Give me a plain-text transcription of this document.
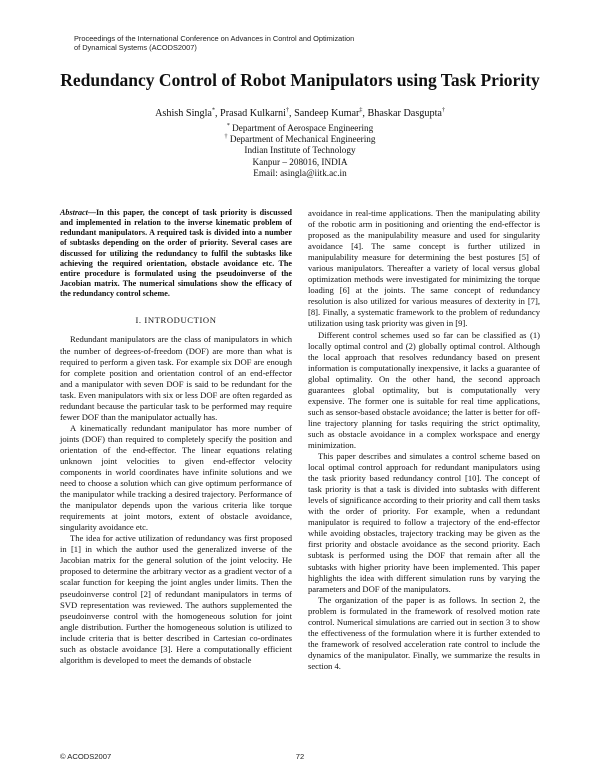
Proceedings of the International Conference on Advances in Control and Optimization
of Dynamical Systems (ACODS2007)
Redundancy Control of Robot Manipulators using Task Priority
Ashish Singla*, Prasad Kulkarni†, Sandeep Kumar‡, Bhaskar Dasgupta†
* Department of Aerospace Engineering
† Department of Mechanical Engineering
Indian Institute of Technology
Kanpur – 208016, INDIA
Email: asingla@iitk.ac.in

Abstract—In this paper, the concept of task priority is discussed and implemented in relation to the inverse kinematic problem of redundant manipulators. A required task is divided into a number of subtasks depending on the order of priority. Several cases are discussed for utilizing the redundancy to fulfil the subtasks like achieving the required orientation, obstacle avoidance etc. The entire procedure is formulated using the pseudoinverse of the Jacobian matrix. The numerical simulations show the efficacy of the redundancy control scheme.

I. INTRODUCTION

Redundant manipulators are the class of manipulators in which the number of degrees-of-freedom (DOF) are more than what is required to perform a given task. For example six DOF are enough for complete position and orientation control of an end-effector and a manipulator with seven DOF is said to be redundant for the task. Even manipulators with six or less DOF are often regarded as redundant because the particular task to be performed may require fewer DOF than the manipulator actually has.

A kinematically redundant manipulator has more number of joints (DOF) than required to completely specify the position and orientation of the end-effector. The linear equations relating unknown joint velocities to given end-effector velocity components in world coordinates have infinite solutions and we need to choose a solution which can give optimum performance of the manipulator while tracking a desired trajectory. Performance of the manipulator depends upon the various criteria like torque requirements at joint motors, extent of obstacle avoidance, singularity avoidance etc.

The idea for active utilization of redundancy was first proposed in [1] in which the author used the generalized inverse of the Jacobian matrix for the general solution of the joint velocity. He proposed to determine the arbitrary vector as a gradient vector of a scalar function for keeping the joint angles under limits. Then the pseudoinverse control [2] of redundant manipulators in terms of SVD representation was reviewed. The authors supplemented the pseudoinverse control with the homogeneous solution for joint angle distribution. Further the homogeneous solution is utilized to include criteria that is better described in Cartesian co-ordinates such as obstacle avoidance [3]. Here a computationally efficient algorithm is developed to meet the demands of obstacle

avoidance in real-time applications. Then the manipulating ability of the robotic arm in positioning and orienting the end-effector is proposed as the manipulability measure and used for singularity avoidance [4]. The same concept is further utilized in manipulability measure for determining the best postures [5] of various manipulators. Thereafter a variety of local versus global optimization methods were investigated for minimizing the torque loading [6] at the joints. The same concept of redundancy resolution is also utilized for various measures of dexterity in [7], [8]. Finally, a systematic framework to the problem of redundancy utilization using task priority was given in [9].

Different control schemes used so far can be classified as (1) locally optimal control and (2) globally optimal control. Although the local approach that resolves redundancy based on present information is computationally inexpensive, it lacks a guarantee of global optimality. On the other hand, the second approach guarantees global optimality, but is computationally very expensive. The former one is suitable for real time applications, such as sensor-based obstacle avoidance; the latter is better for off-line trajectory planning for tasks requiring the strict optimality, such as obstacle avoidance in a complex workspace and energy minimization.

This paper describes and simulates a control scheme based on local optimal control approach for redundant manipulators using the task priority based redundancy control [10]. The concept of task priority is that a task is divided into subtasks with different levels of significance according to their priority and call them tasks with the order of priority. For example, when a redundant manipulator is required to follow a trajectory of the end-effector while avoiding obstacles, trajectory tracking may be given as the first priority and obstacle avoidance as the second priority. Each subtask is performed using the DOF that remain after all the subtasks with higher priority have been implemented. This paper highlights the idea with different simulation runs by varying the parameters and DOF of the manipulators.

The organization of the paper is as follows. In section 2, the problem is formulated in the framework of resolved motion rate control. Numerical simulations are carried out in section 3 to show the effectiveness of the formulation where it is further extended to the framework of resolved acceleration rate control to include the dynamics of the manipulator. Finally, we summarize the results in section 4.

© ACODS2007	72
